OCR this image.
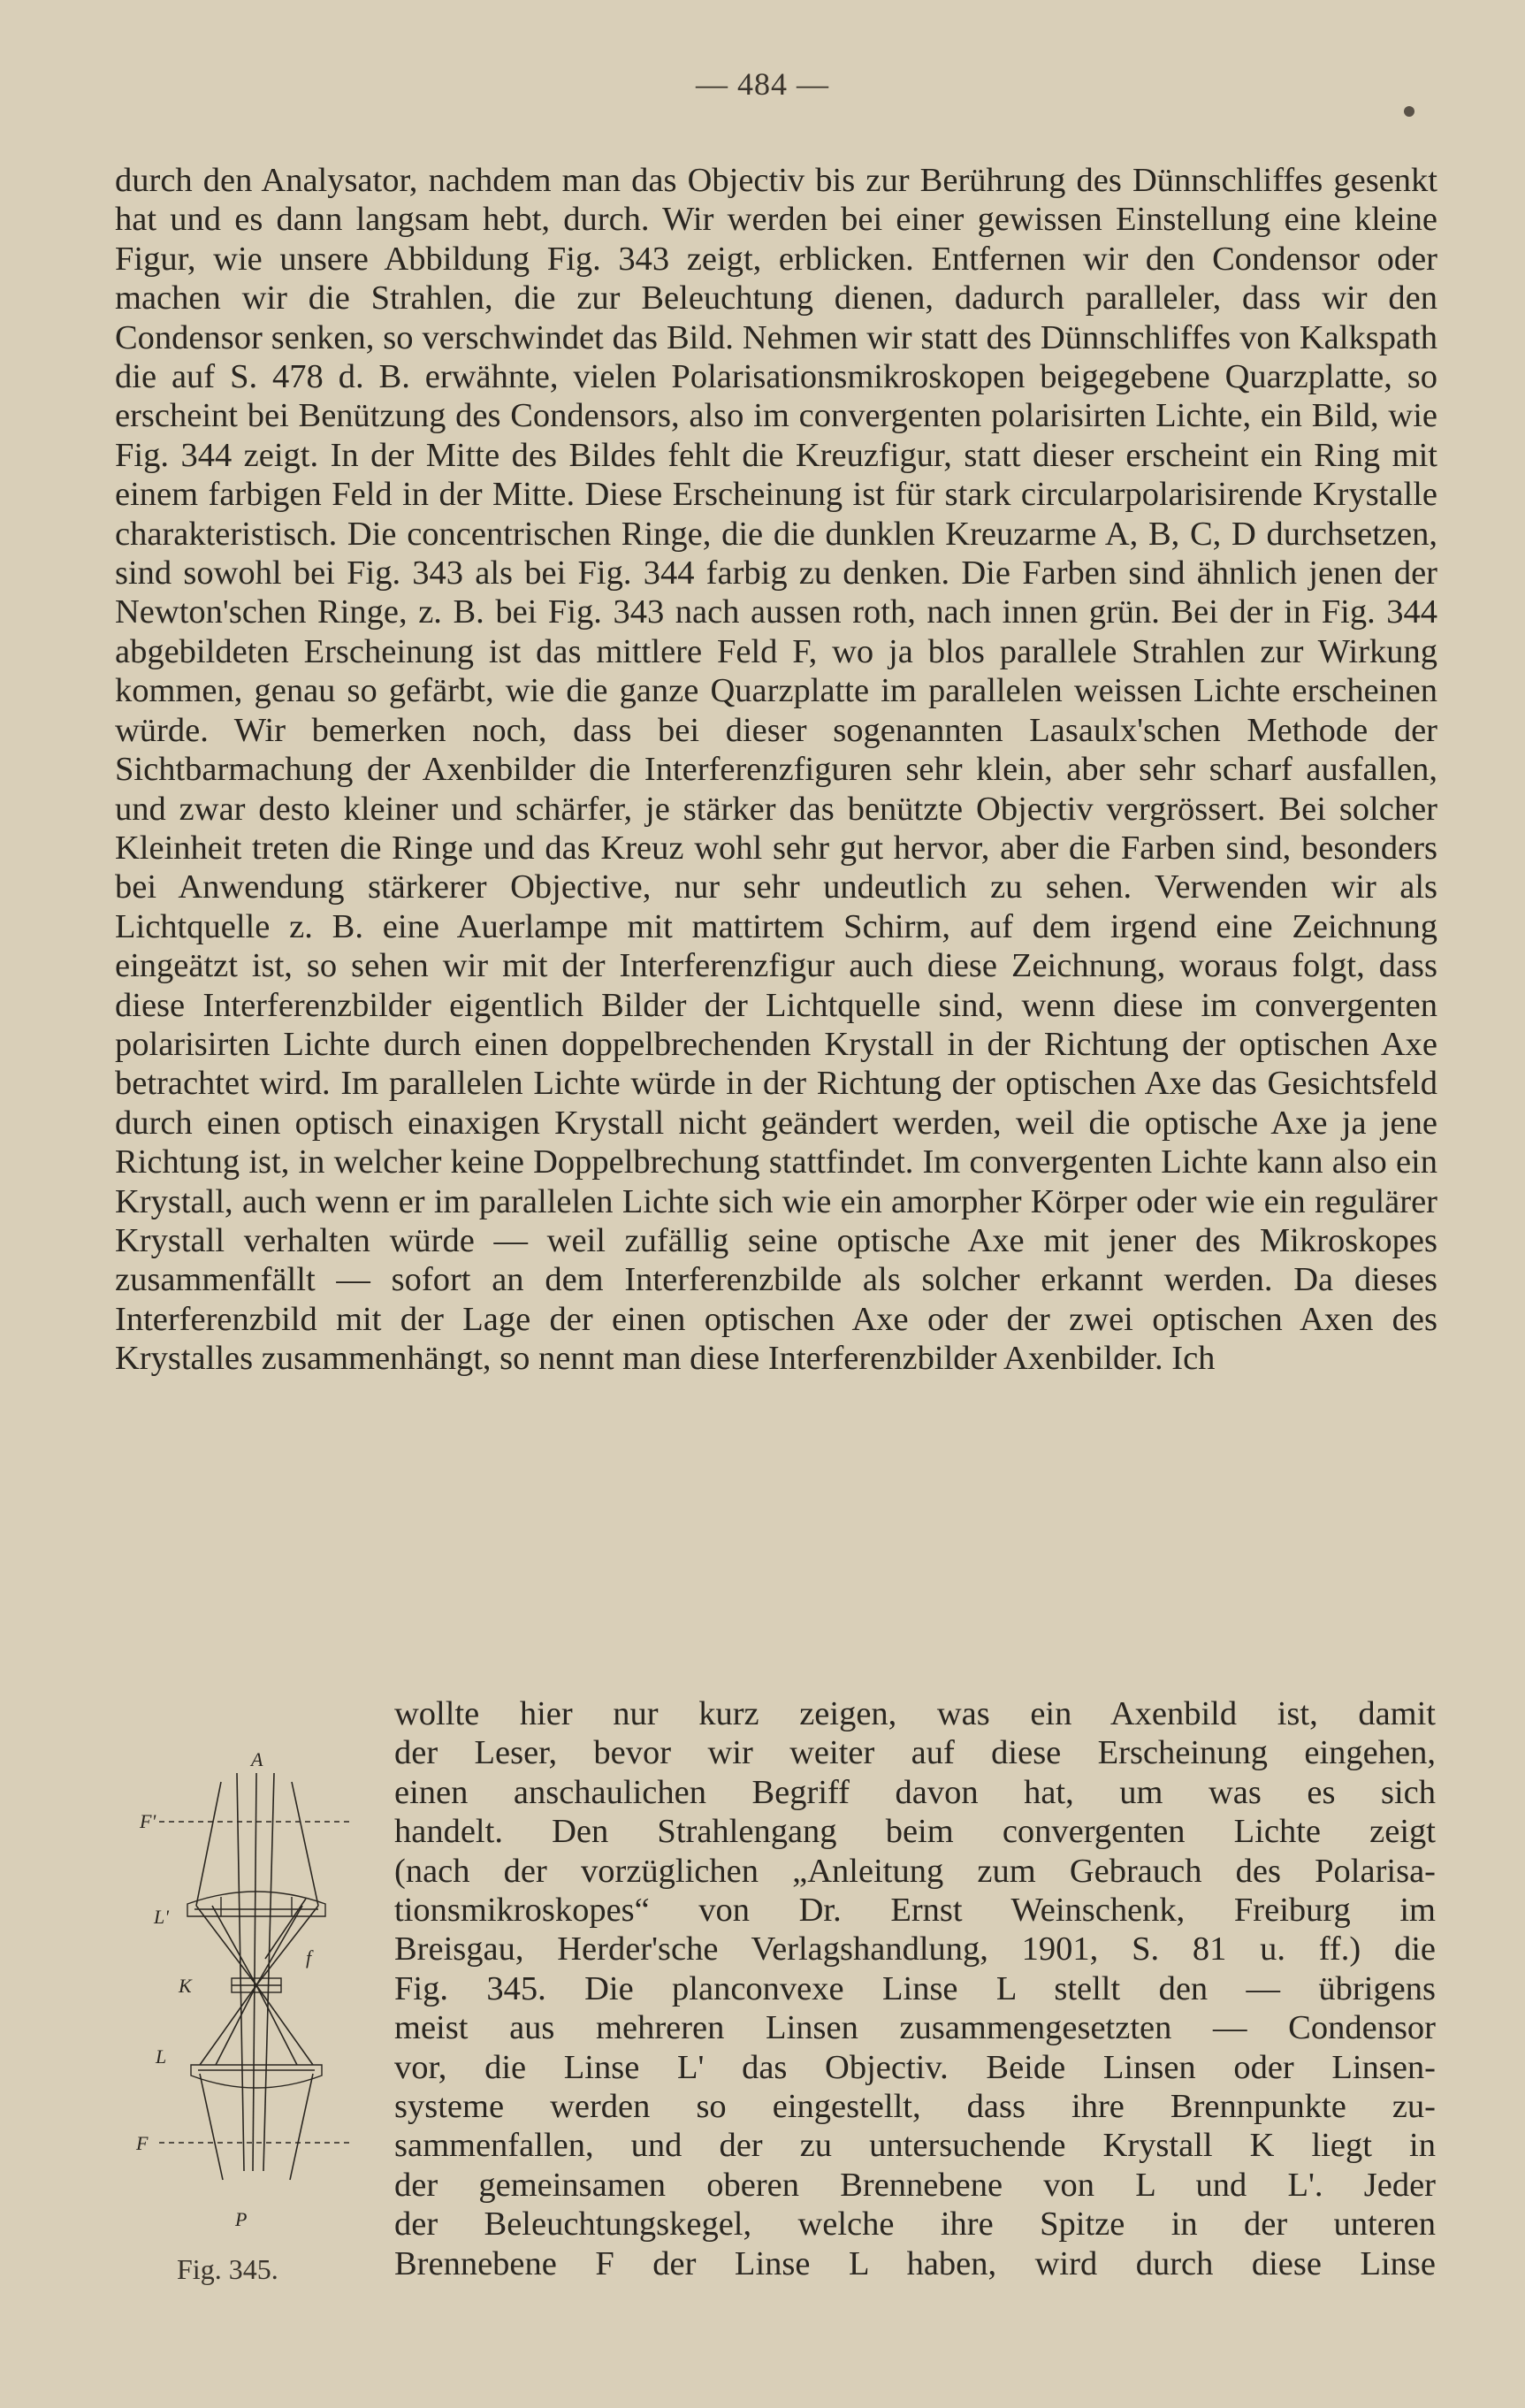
— 484 —

durch den Analysator, nachdem man das Objectiv bis zur Berührung des Dünnschliffes gesenkt hat und es dann langsam hebt, durch. Wir werden bei einer gewissen Einstellung eine kleine Figur, wie unsere Abbildung Fig. 343 zeigt, erblicken. Entfernen wir den Condensor oder machen wir die Strahlen, die zur Beleuchtung dienen, dadurch paralleler, dass wir den Condensor senken, so verschwindet das Bild. Nehmen wir statt des Dünnschliffes von Kalkspath die auf S. 478 d. B. erwähnte, vielen Polarisationsmikroskopen beigegebene Quarzplatte, so erscheint bei Benützung des Condensors, also im convergenten polarisirten Lichte, ein Bild, wie Fig. 344 zeigt. In der Mitte des Bildes fehlt die Kreuzfigur, statt dieser erscheint ein Ring mit einem farbigen Feld in der Mitte. Diese Erscheinung ist für stark circularpolarisirende Krystalle charakteristisch. Die concentrischen Ringe, die die dunklen Kreuzarme A, B, C, D durchsetzen, sind sowohl bei Fig. 343 als bei Fig. 344 farbig zu denken. Die Farben sind ähnlich jenen der Newton'schen Ringe, z. B. bei Fig. 343 nach aussen roth, nach innen grün. Bei der in Fig. 344 abgebildeten Erscheinung ist das mittlere Feld F, wo ja blos parallele Strahlen zur Wirkung kommen, genau so gefärbt, wie die ganze Quarzplatte im parallelen weissen Lichte erscheinen würde. Wir bemerken noch, dass bei dieser sogenannten Lasaulx'schen Methode der Sichtbarmachung der Axenbilder die Interferenzfiguren sehr klein, aber sehr scharf ausfallen, und zwar desto kleiner und schärfer, je stärker das benützte Objectiv vergrössert. Bei solcher Kleinheit treten die Ringe und das Kreuz wohl sehr gut hervor, aber die Farben sind, besonders bei Anwendung stärkerer Objective, nur sehr undeutlich zu sehen. Verwenden wir als Lichtquelle z. B. eine Auerlampe mit mattirtem Schirm, auf dem irgend eine Zeichnung eingeätzt ist, so sehen wir mit der Interferenzfigur auch diese Zeichnung, woraus folgt, dass diese Interferenzbilder eigentlich Bilder der Lichtquelle sind, wenn diese im convergenten polarisirten Lichte durch einen doppelbrechenden Krystall in der Richtung der optischen Axe betrachtet wird. Im parallelen Lichte würde in der Richtung der optischen Axe das Gesichtsfeld durch einen optisch einaxigen Krystall nicht geändert werden, weil die optische Axe ja jene Richtung ist, in welcher keine Doppelbrechung stattfindet. Im convergenten Lichte kann also ein Krystall, auch wenn er im parallelen Lichte sich wie ein amorpher Körper oder wie ein regulärer Krystall verhalten würde — weil zufällig seine optische Axe mit jener des Mikroskopes zusammenfällt — sofort an dem Interferenzbilde als solcher erkannt werden. Da dieses Interferenzbild mit der Lage der einen optischen Axe oder der zwei optischen Axen des Krystalles zusammenhängt, so nennt man diese Interferenzbilder Axenbilder. Ich

A
F'
L'
f
K
L
F
P
Fig. 345.
wollte hier nur kurz zeigen, was ein Axenbild ist, damit
der Leser, bevor wir weiter auf diese Erscheinung eingehen,
einen anschaulichen Begriff davon hat, um was es sich
handelt. Den Strahlengang beim convergenten Lichte zeigt
(nach der vorzüglichen „Anleitung zum Gebrauch des Polarisa-
tionsmikroskopes“ von Dr. Ernst Weinschenk, Freiburg im
Breisgau, Herder'sche Verlagshandlung, 1901, S. 81 u. ff.) die
Fig. 345. Die planconvexe Linse L stellt den — übrigens
meist aus mehreren Linsen zusammengesetzten — Condensor
vor, die Linse L' das Objectiv. Beide Linsen oder Linsen-
systeme werden so eingestellt, dass ihre Brennpunkte zu-
sammenfallen, und der zu untersuchende Krystall K liegt in
der gemeinsamen oberen Brennebene von L und L'. Jeder
der Beleuchtungskegel, welche ihre Spitze in der unteren
Brennebene F der Linse L haben, wird durch diese Linse
